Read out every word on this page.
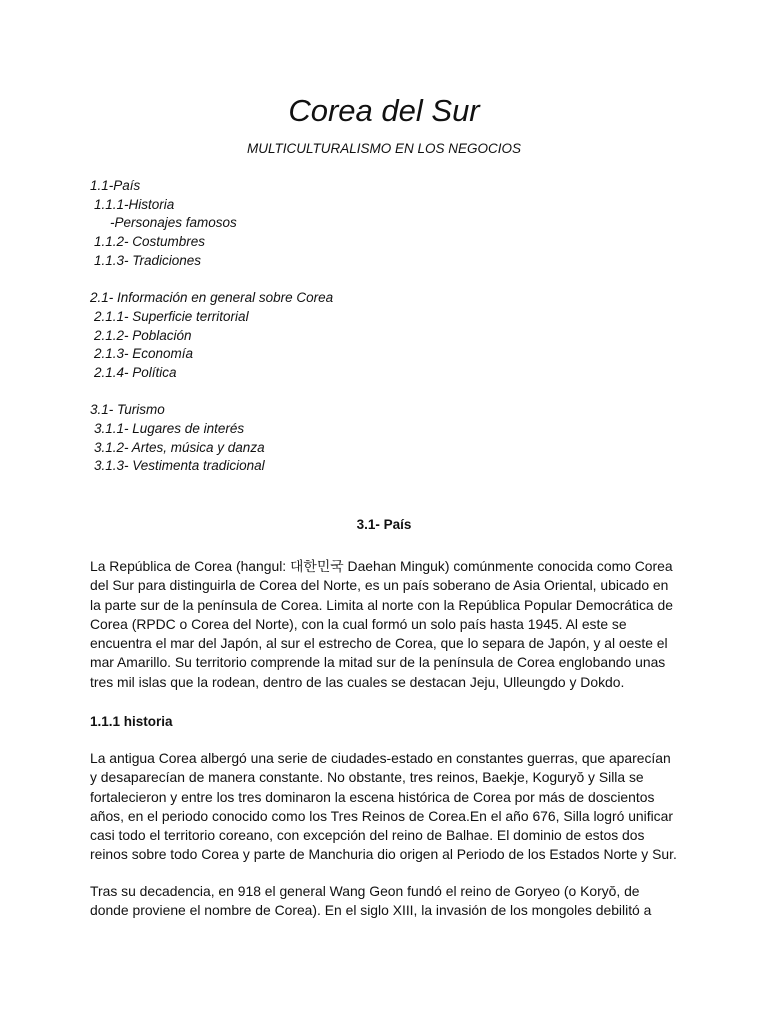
Corea del Sur
MULTICULTURALISMO EN LOS NEGOCIOS
1.1-País
1.1.1-Historia
-Personajes famosos
1.1.2- Costumbres
1.1.3- Tradiciones
2.1- Información en general sobre Corea
2.1.1- Superficie territorial
2.1.2- Población
2.1.3- Economía
2.1.4- Política
3.1- Turismo
3.1.1- Lugares de interés
3.1.2- Artes, música y danza
3.1.3- Vestimenta tradicional
3.1- País

La República de Corea (hangul: 대한민국 Daehan Minguk) comúnmente conocida como Corea del Sur para distinguirla de Corea del Norte, es un país soberano de Asia Oriental, ubicado en la parte sur de la península de Corea. Limita al norte con la República Popular Democrática de Corea (RPDC o Corea del Norte), con la cual formó un solo país hasta 1945. Al este se encuentra el mar del Japón, al sur el estrecho de Corea, que lo separa de Japón, y al oeste el mar Amarillo. Su territorio comprende la mitad sur de la península de Corea englobando unas tres mil islas que la rodean, dentro de las cuales se destacan Jeju, Ulleungdo y Dokdo.

1.1.1 historia

La antigua Corea albergó una serie de ciudades-estado en constantes guerras, que aparecían y desaparecían de manera constante. No obstante, tres reinos, Baekje, Koguryŏ y Silla se fortalecieron y entre los tres dominaron la escena histórica de Corea por más de doscientos años, en el periodo conocido como los Tres Reinos de Corea.En el año 676, Silla logró unificar casi todo el territorio coreano, con excepción del reino de Balhae. El dominio de estos dos reinos sobre todo Corea y parte de Manchuria dio origen al Periodo de los Estados Norte y Sur.

Tras su decadencia, en 918 el general Wang Geon fundó el reino de Goryeo (o Koryŏ, de donde proviene el nombre de Corea). En el siglo XIII, la invasión de los mongoles debilitó a
